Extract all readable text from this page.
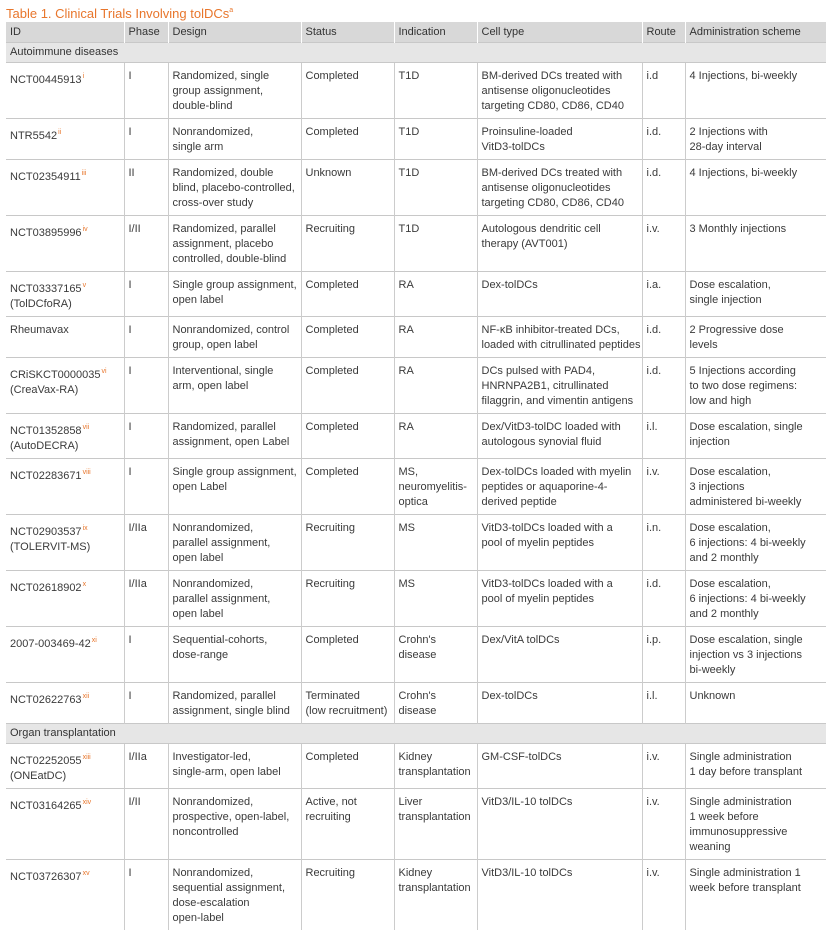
Table 1. Clinical Trials Involving tolDCs$^a$
ID	Phase	Design	Status	Indication	Cell type	Route	Administration scheme
Autoimmune diseases							

NCT00445913$^i$	I	Randomized, single
group assignment,
double-blind	Completed	T1D	BM-derived DCs treated with
antisense oligonucleotides
targeting CD80, CD86, CD40	i.d	4 Injections, bi-weekly

NTR5542$^{ii}$	I	Nonrandomized,
single arm	Completed	T1D	Proinsuline-loaded
VitD3-tolDCs	i.d.	2 Injections with
28-day interval

NCT02354911$^{iii}$	II	Randomized, double
blind, placebo-controlled,
cross-over study	Unknown	T1D	BM-derived DCs treated with
antisense oligonucleotides
targeting CD80, CD86, CD40	i.d.	4 Injections, bi-weekly

NCT03895996$^{iv}$	I/II	Randomized, parallel
assignment, placebo
controlled, double-blind	Recruiting	T1D	Autologous dendritic cell
therapy (AVT001)	i.v.	3 Monthly injections

NCT03337165$^v$
(TolDCfoRA)	I	Single group assignment,
open label	Completed	RA	Dex-tolDCs	i.a.	Dose escalation,
single injection

Rheumavax	I	Nonrandomized, control
group, open label	Completed	RA	NF-κB inhibitor-treated DCs,
loaded with citrullinated peptides	i.d.	2 Progressive dose
levels

CRiSKCT0000035$^{vi}$
(CreaVax-RA)	I	Interventional, single
arm, open label	Completed	RA	DCs pulsed with PAD4,
HNRNPA2B1, citrullinated
filaggrin, and vimentin antigens	i.d.	5 Injections according
to two dose regimens:
low and high

NCT01352858$^{vii}$
(AutoDECRA)	I	Randomized, parallel
assignment, open Label	Completed	RA	Dex/VitD3-tolDC loaded with
autologous synovial fluid	i.l.	Dose escalation, single
injection

NCT02283671$^{viii}$	I	Single group assignment,
open Label	Completed	MS,
neuromyelitis-
optica	Dex-tolDCs loaded with myelin
peptides or aquaporine-4-
derived peptide	i.v.	Dose escalation,
3 injections
administered bi-weekly

NCT02903537$^{ix}$
(TOLERVIT-MS)	I/IIa	Nonrandomized,
parallel assignment,
open label	Recruiting	MS	VitD3-tolDCs loaded with a
pool of myelin peptides	i.n.	Dose escalation,
6 injections: 4 bi-weekly
and 2 monthly

NCT02618902$^x$	I/IIa	Nonrandomized,
parallel assignment,
open label	Recruiting	MS	VitD3-tolDCs loaded with a
pool of myelin peptides	i.d.	Dose escalation,
6 injections: 4 bi-weekly
and 2 monthly

2007-003469-42$^{xi}$	I	Sequential-cohorts,
dose-range	Completed	Crohn's
disease	Dex/VitA tolDCs	i.p.	Dose escalation, single
injection vs 3 injections
bi-weekly

NCT02622763$^{xii}$	I	Randomized, parallel
assignment, single blind	Terminated
(low recruitment)	Crohn's
disease	Dex-tolDCs	i.l.	Unknown

Organ transplantation							

NCT02252055$^{xiii}$
(ONEatDC)	I/IIa	Investigator-led,
single-arm, open label	Completed	Kidney
transplantation	GM-CSF-tolDCs	i.v.	Single administration
1 day before transplant

NCT03164265$^{xiv}$	I/II	Nonrandomized,
prospective, open-label,
noncontrolled	Active, not
recruiting	Liver
transplantation	VitD3/IL-10 tolDCs	i.v.	Single administration
1 week before
immunosuppressive
weaning

NCT03726307$^{xv}$	I	Nonrandomized,
sequential assignment,
dose-escalation
open-label	Recruiting	Kidney
transplantation	VitD3/IL-10 tolDCs	i.v.	Single administration 1
week before transplant
